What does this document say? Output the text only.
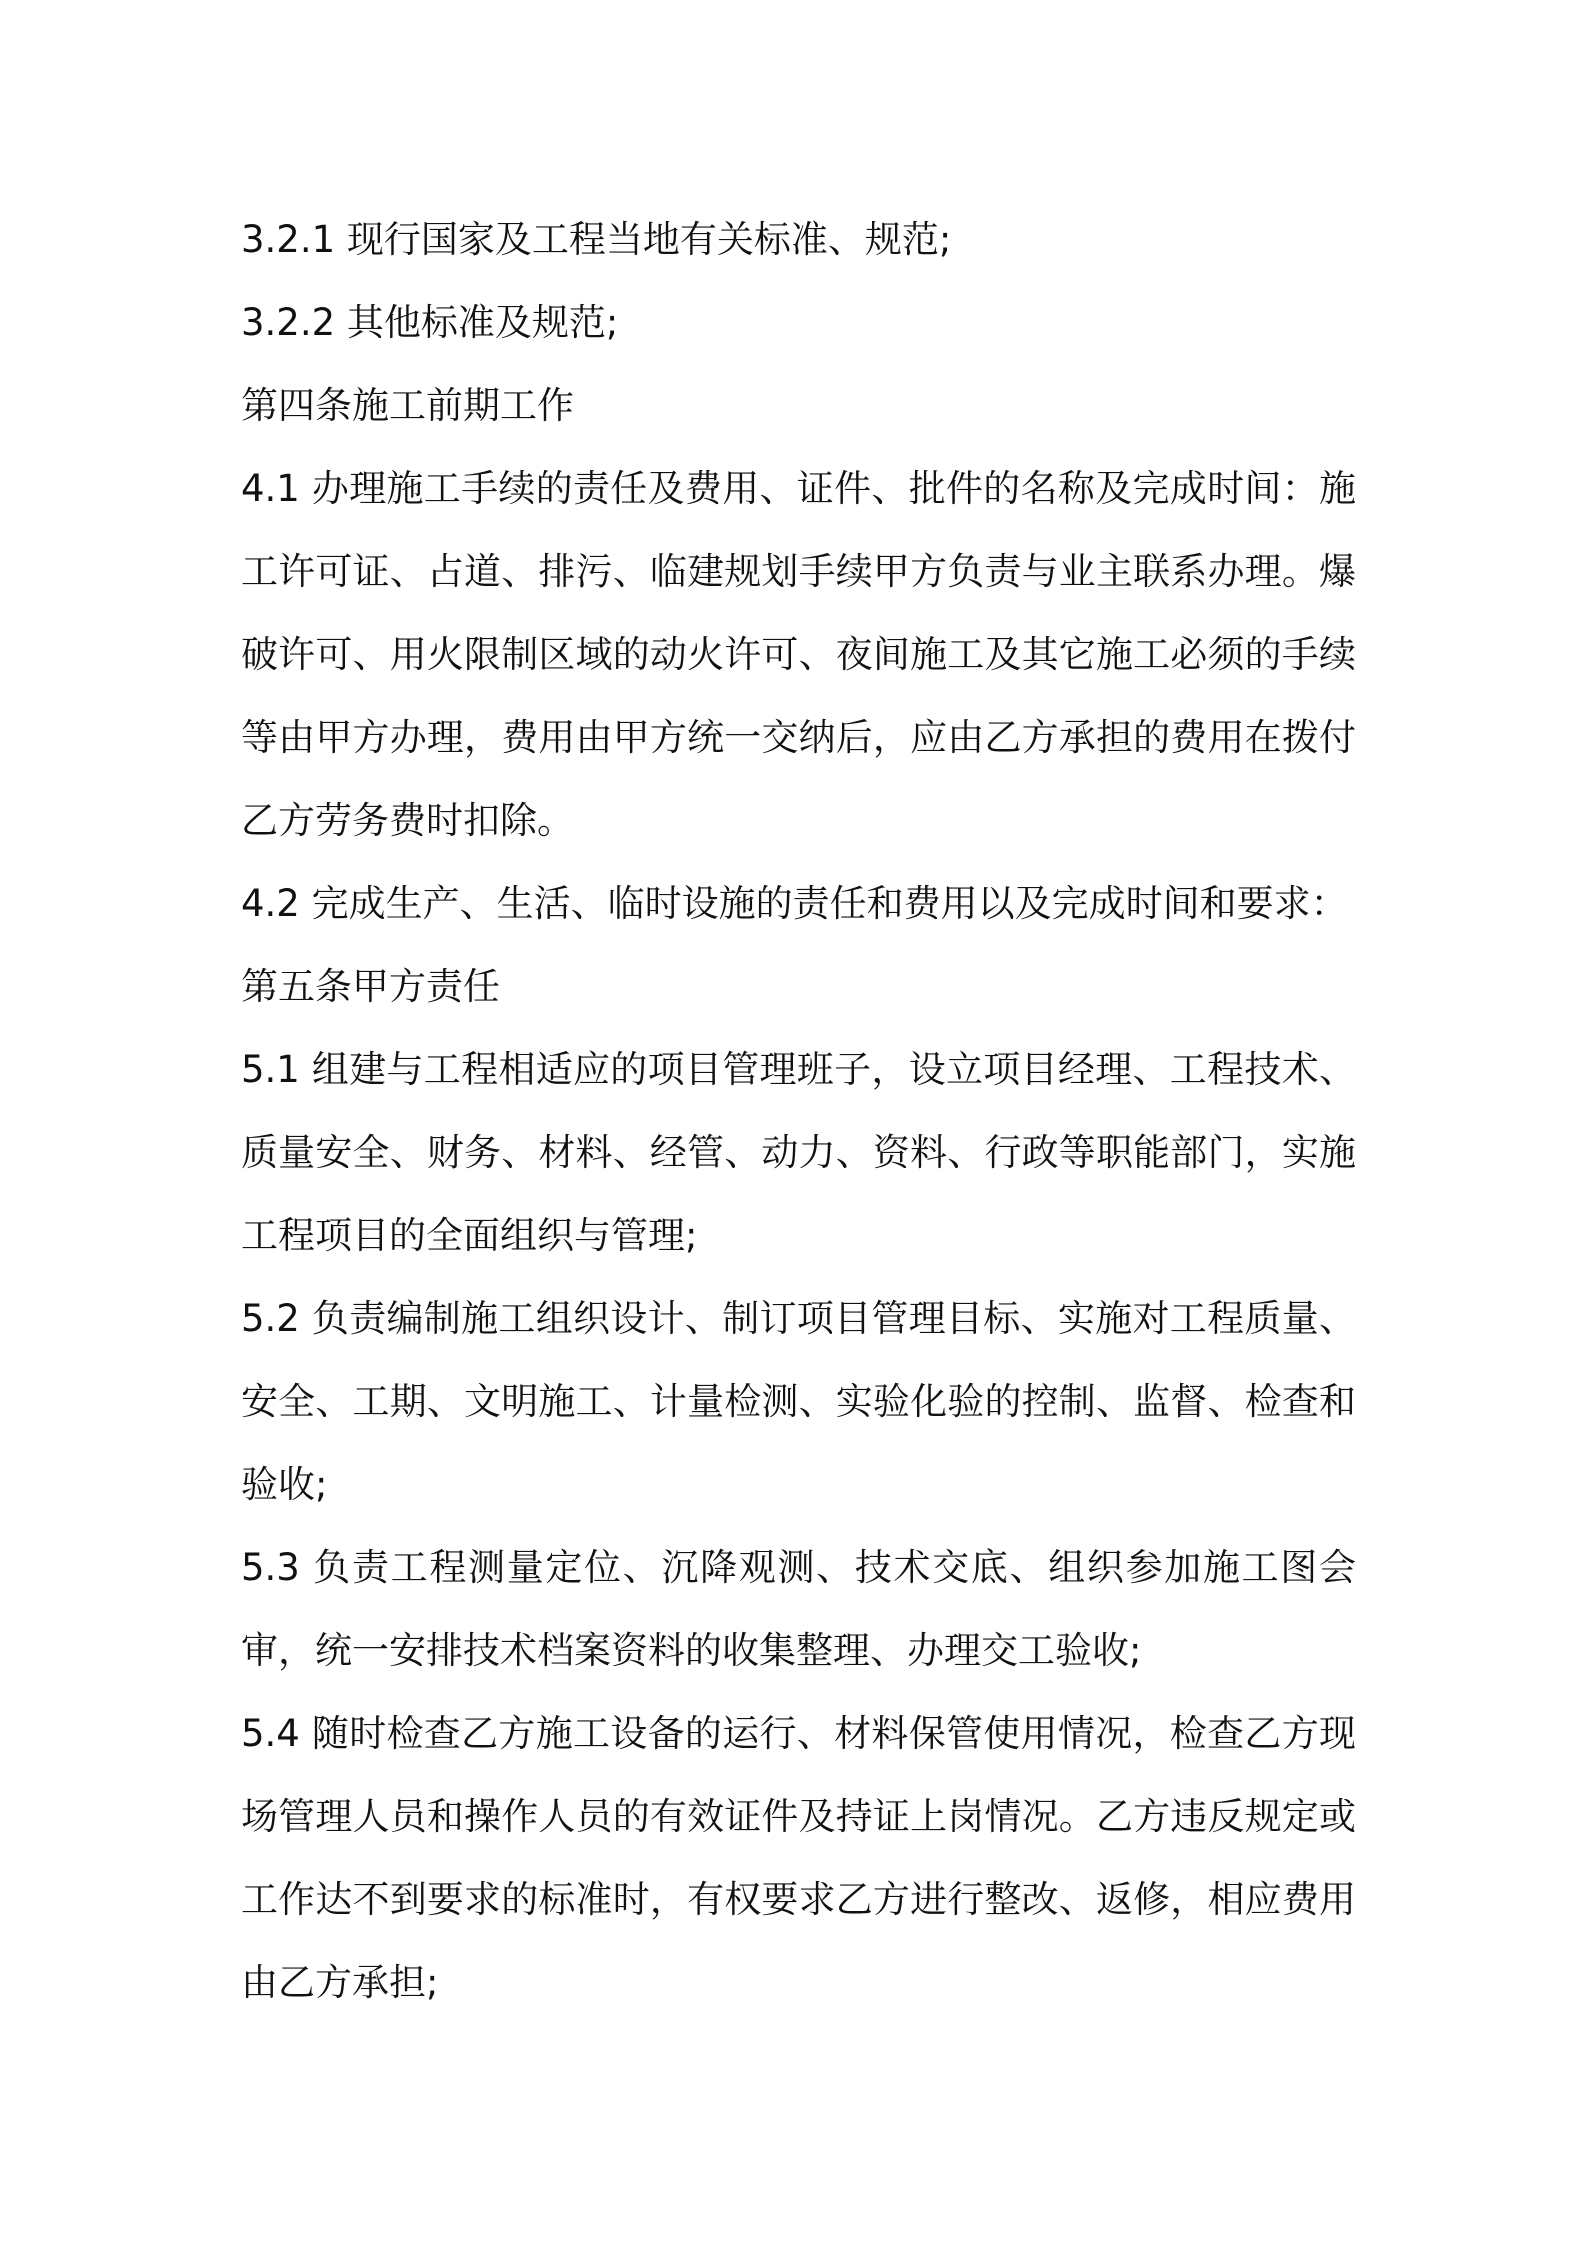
3.2.1 现行国家及工程当地有关标准、规范;

3.2.2 其他标准及规范;

第四条施工前期工作

4.1 办理施工手续的责任及费用、证件、批件的名称及完成时间：施工许可证、占道、排污、临建规划手续甲方负责与业主联系办理。爆破许可、用火限制区域的动火许可、夜间施工及其它施工必须的手续等由甲方办理，费用由甲方统一交纳后，应由乙方承担的费用在拨付乙方劳务费时扣除。

4.2 完成生产、生活、临时设施的责任和费用以及完成时间和要求：

第五条甲方责任

5.1 组建与工程相适应的项目管理班子，设立项目经理、工程技术、质量安全、财务、材料、经管、动力、资料、行政等职能部门，实施工程项目的全面组织与管理;

5.2 负责编制施工组织设计、制订项目管理目标、实施对工程质量、安全、工期、文明施工、计量检测、实验化验的控制、监督、检查和验收;

5.3 负责工程测量定位、沉降观测、技术交底、组织参加施工图会审，统一安排技术档案资料的收集整理、办理交工验收;

5.4 随时检查乙方施工设备的运行、材料保管使用情况，检查乙方现场管理人员和操作人员的有效证件及持证上岗情况。乙方违反规定或工作达不到要求的标准时，有权要求乙方进行整改、返修，相应费用由乙方承担;
